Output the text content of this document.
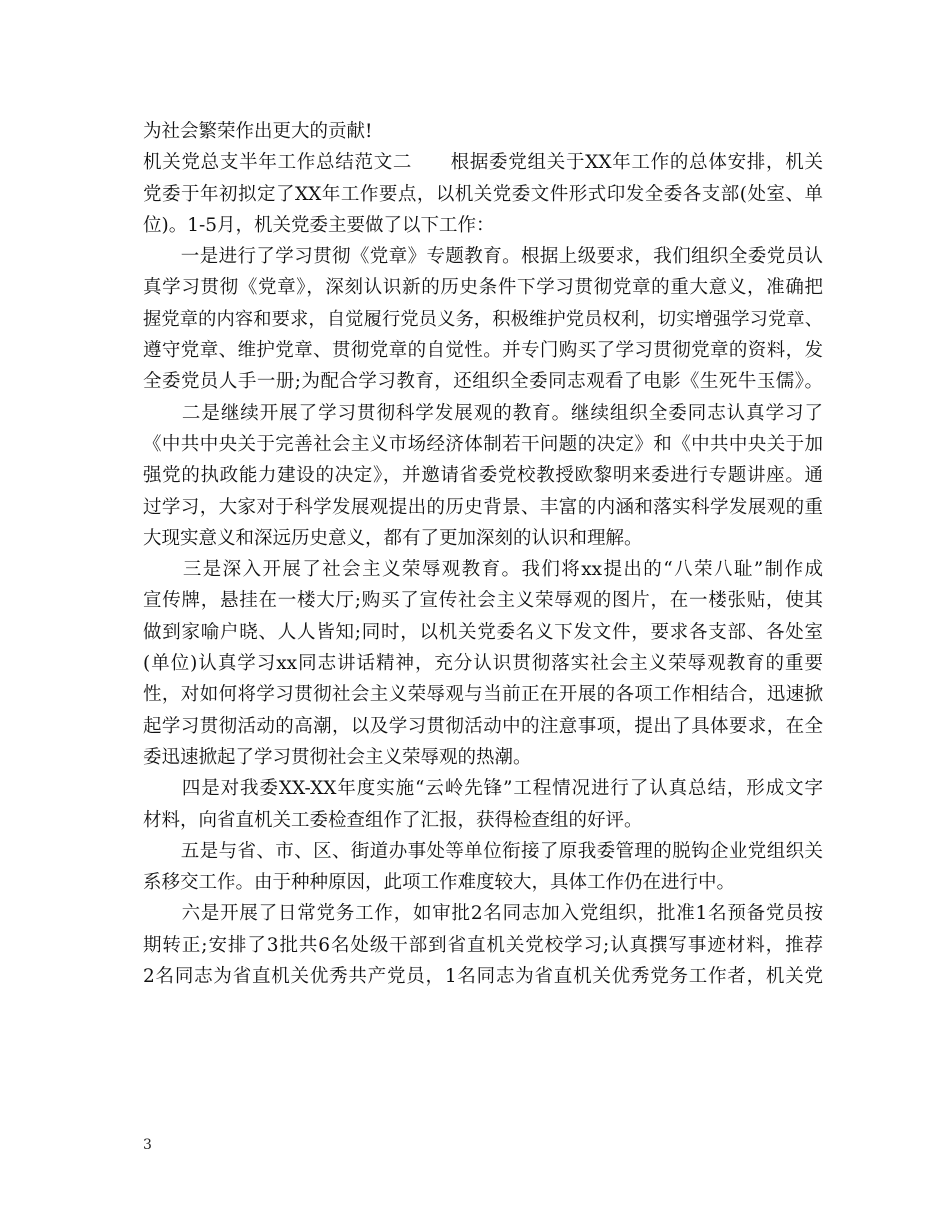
为社会繁荣作出更大的贡献!
机关党总支半年工作总结范文二　　根据委党组关于XX年工作的总体安排，机关
党委于年初拟定了XX年工作要点，以机关党委文件形式印发全委各支部(处室、单
位)。1-5月，机关党委主要做了以下工作：
　　一是进行了学习贯彻《党章》专题教育。根据上级要求，我们组织全委党员认
真学习贯彻《党章》，深刻认识新的历史条件下学习贯彻党章的重大意义，准确把
握党章的内容和要求，自觉履行党员义务，积极维护党员权利，切实增强学习党章、
遵守党章、维护党章、贯彻党章的自觉性。并专门购买了学习贯彻党章的资料，发
全委党员人手一册;为配合学习教育，还组织全委同志观看了电影《生死牛玉儒》。
　　二是继续开展了学习贯彻科学发展观的教育。继续组织全委同志认真学习了
《中共中央关于完善社会主义市场经济体制若干问题的决定》和《中共中央关于加
强党的执政能力建设的决定》，并邀请省委党校教授欧黎明来委进行专题讲座。通
过学习，大家对于科学发展观提出的历史背景、丰富的内涵和落实科学发展观的重
大现实意义和深远历史意义，都有了更加深刻的认识和理解。
　　三是深入开展了社会主义荣辱观教育。我们将xx提出的“八荣八耻”制作成
宣传牌，悬挂在一楼大厅;购买了宣传社会主义荣辱观的图片，在一楼张贴，使其
做到家喻户晓、人人皆知;同时，以机关党委名义下发文件，要求各支部、各处室
(单位)认真学习xx同志讲话精神，充分认识贯彻落实社会主义荣辱观教育的重要
性，对如何将学习贯彻社会主义荣辱观与当前正在开展的各项工作相结合，迅速掀
起学习贯彻活动的高潮，以及学习贯彻活动中的注意事项，提出了具体要求，在全
委迅速掀起了学习贯彻社会主义荣辱观的热潮。
　　四是对我委XX-XX年度实施“云岭先锋”工程情况进行了认真总结，形成文字
材料，向省直机关工委检查组作了汇报，获得检查组的好评。
　　五是与省、市、区、街道办事处等单位衔接了原我委管理的脱钩企业党组织关
系移交工作。由于种种原因，此项工作难度较大，具体工作仍在进行中。
　　六是开展了日常党务工作，如审批2名同志加入党组织，批准1名预备党员按
期转正;安排了3批共6名处级干部到省直机关党校学习;认真撰写事迹材料，推荐
2名同志为省直机关优秀共产党员，1名同志为省直机关优秀党务工作者，机关党
3
